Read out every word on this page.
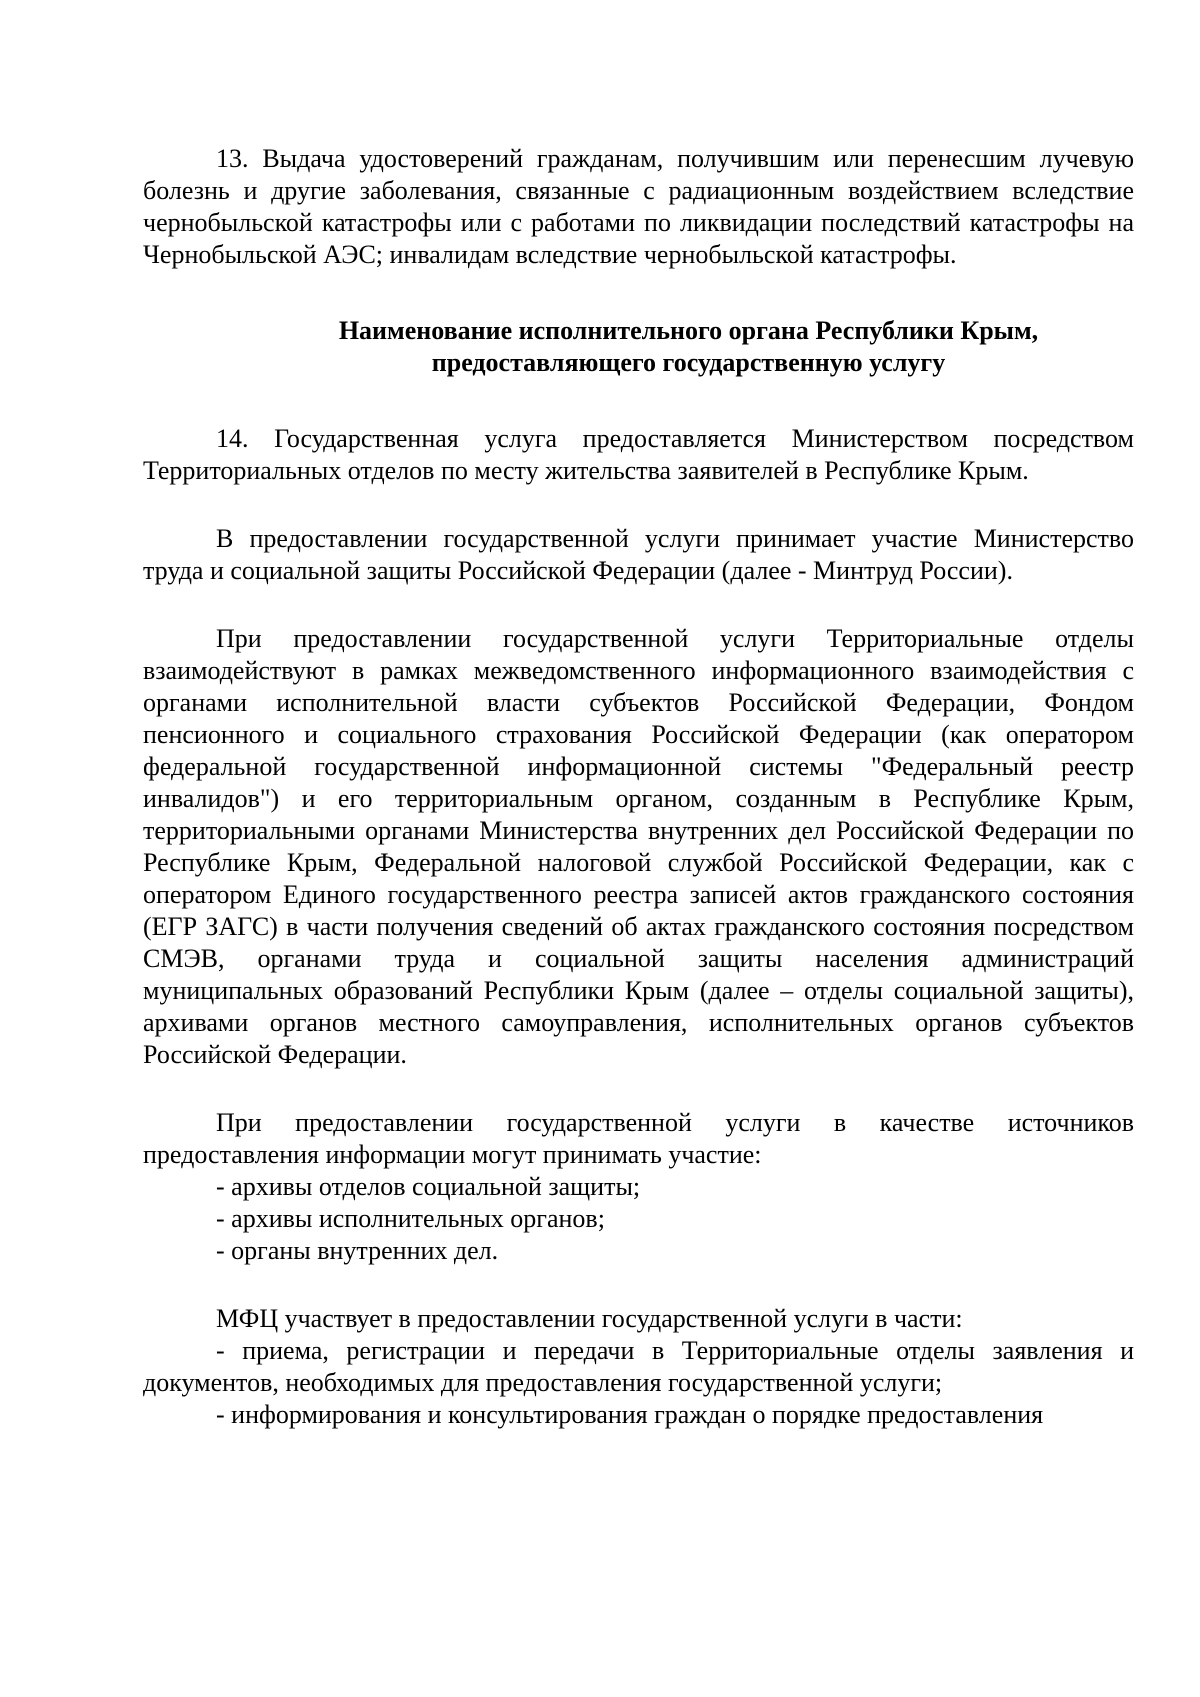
13. Выдача удостоверений гражданам, получившим или перенесшим лучевую болезнь и другие заболевания, связанные с радиационным воздействием вследствие чернобыльской катастрофы или с работами по ликвидации последствий катастрофы на Чернобыльской АЭС; инвалидам вследствие чернобыльской катастрофы.

Наименование исполнительного органа Республики Крым,
предоставляющего государственную услугу

14. Государственная услуга предоставляется Министерством посредством Территориальных отделов по месту жительства заявителей в Республике Крым.

В предоставлении государственной услуги принимает участие Министерство труда и социальной защиты Российской Федерации (далее - Минтруд России).

При предоставлении государственной услуги Территориальные отделы взаимодействуют в рамках межведомственного информационного взаимодействия с органами исполнительной власти субъектов Российской Федерации, Фондом пенсионного и социального страхования Российской Федерации (как оператором федеральной государственной информационной системы "Федеральный реестр инвалидов") и его территориальным органом, созданным в Республике Крым, территориальными органами Министерства внутренних дел Российской Федерации по Республике Крым, Федеральной налоговой службой Российской Федерации, как с оператором Единого государственного реестра записей актов гражданского состояния (ЕГР ЗАГС) в части получения сведений об актах гражданского состояния посредством СМЭВ, органами труда и социальной защиты населения администраций муниципальных образований Республики Крым (далее – отделы социальной защиты), архивами органов местного самоуправления, исполнительных органов субъектов Российской Федерации.

При предоставлении государственной услуги в качестве источников предоставления информации могут принимать участие:

- архивы отделов социальной защиты;

- архивы исполнительных органов;

- органы внутренних дел.

МФЦ участвует в предоставлении государственной услуги в части:

- приема, регистрации и передачи в Территориальные отделы заявления и документов, необходимых для предоставления государственной услуги;

- информирования и консультирования граждан о порядке предоставления
